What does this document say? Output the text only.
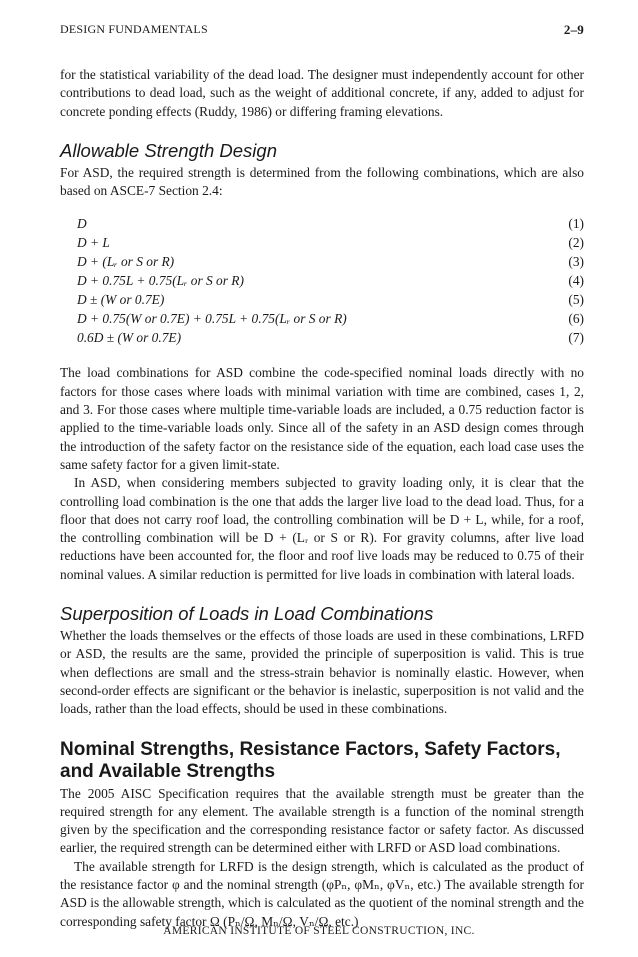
DESIGN FUNDAMENTALS	2–9

for the statistical variability of the dead load. The designer must independently account for other contributions to dead load, such as the weight of additional concrete, if any, added to adjust for concrete ponding effects (Ruddy, 1986) or differing framing elevations.

Allowable Strength Design

For ASD, the required strength is determined from the following combinations, which are also based on ASCE-7 Section 2.4:

D	(1)
D + L	(2)
D + (Lᵣ or S or R)	(3)
D + 0.75L + 0.75(Lᵣ or S or R)	(4)
D ± (W or 0.7E)	(5)
D + 0.75(W or 0.7E) + 0.75L + 0.75(Lᵣ or S or R)	(6)
0.6D ± (W or 0.7E)	(7)

The load combinations for ASD combine the code-specified nominal loads directly with no factors for those cases where loads with minimal variation with time are combined, cases 1, 2, and 3. For those cases where multiple time-variable loads are included, a 0.75 reduction factor is applied to the time-variable loads only. Since all of the safety in an ASD design comes through the introduction of the safety factor on the resistance side of the equation, each load case uses the same safety factor for a given limit-state.

In ASD, when considering members subjected to gravity loading only, it is clear that the controlling load combination is the one that adds the larger live load to the dead load. Thus, for a floor that does not carry roof load, the controlling combination will be D + L, while, for a roof, the controlling combination will be D + (Lᵣ or S or R). For gravity columns, after live load reductions have been accounted for, the floor and roof live loads may be reduced to 0.75 of their nominal values. A similar reduction is permitted for live loads in combination with lateral loads.

Superposition of Loads in Load Combinations

Whether the loads themselves or the effects of those loads are used in these combinations, LRFD or ASD, the results are the same, provided the principle of superposition is valid. This is true when deflections are small and the stress-strain behavior is nominally elastic. However, when second-order effects are significant or the behavior is inelastic, superposition is not valid and the loads, rather than the load effects, should be used in these combinations.

Nominal Strengths, Resistance Factors, Safety Factors, and Available Strengths

The 2005 AISC Specification requires that the available strength must be greater than the required strength for any element. The available strength is a function of the nominal strength given by the specification and the corresponding resistance factor or safety factor. As discussed earlier, the required strength can be determined either with LRFD or ASD load combinations.

The available strength for LRFD is the design strength, which is calculated as the product of the resistance factor φ and the nominal strength (φPₙ, φMₙ, φVₙ, etc.) The available strength for ASD is the allowable strength, which is calculated as the quotient of the nominal strength and the corresponding safety factor Ω (Pₙ/Ω, Mₙ/Ω, Vₙ/Ω, etc.)

AMERICAN INSTITUTE OF STEEL CONSTRUCTION, INC.
